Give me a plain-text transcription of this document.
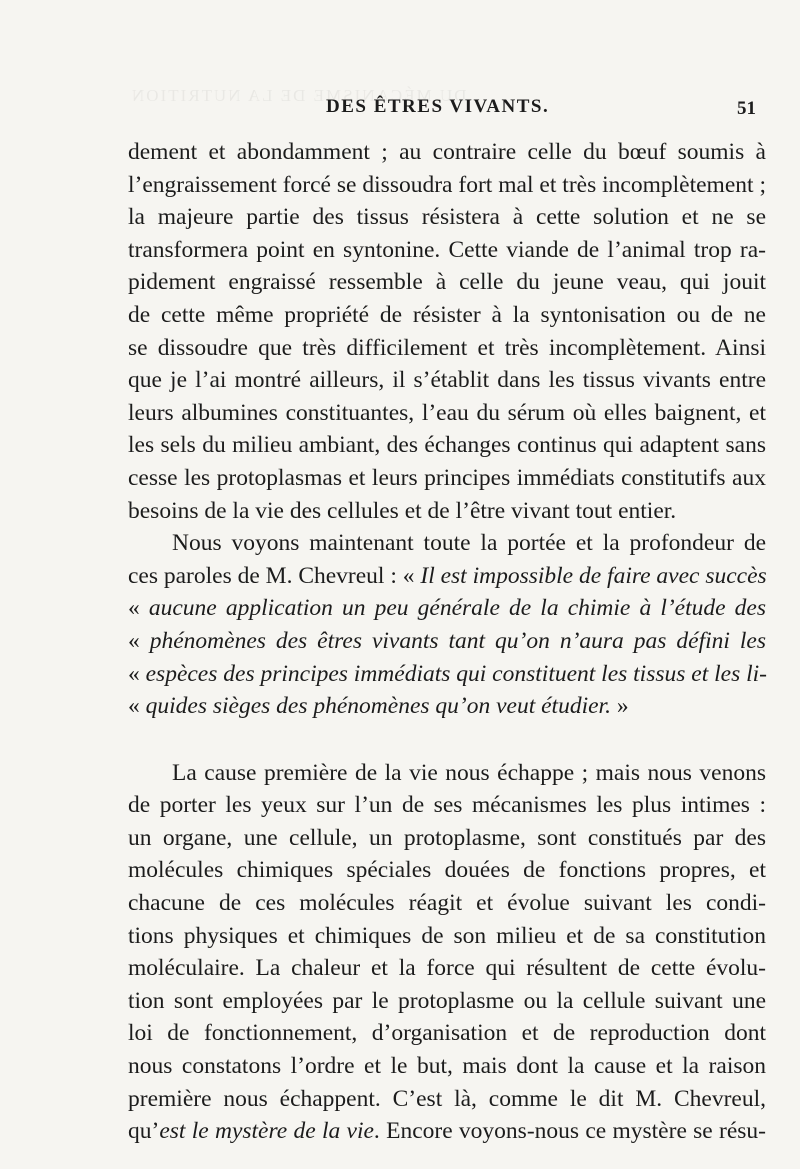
DU MÉCANISME DE LA NUTRITION
DES ÊTRES VIVANTS.	51
dement et abondamment ; au contraire celle du bœuf soumis à
l’engraissement forcé se dissoudra fort mal et très incomplètement ;
la majeure partie des tissus résistera à cette solution et ne se
transformera point en syntonine. Cette viande de l’animal trop ra-
pidement engraissé ressemble à celle du jeune veau, qui jouit
de cette même propriété de résister à la syntonisation ou de ne
se dissoudre que très difficilement et très incomplètement. Ainsi
que je l’ai montré ailleurs, il s’établit dans les tissus vivants entre
leurs albumines constituantes, l’eau du sérum où elles baignent, et
les sels du milieu ambiant, des échanges continus qui adaptent sans
cesse les protoplasmas et leurs principes immédiats constitutifs aux
besoins de la vie des cellules et de l’être vivant tout entier.
Nous voyons maintenant toute la portée et la profondeur de
ces paroles de M. Chevreul : « Il est impossible de faire avec succès
« aucune application un peu générale de la chimie à l’étude des
« phénomènes des êtres vivants tant qu’on n’aura pas défini les
« espèces des principes immédiats qui constituent les tissus et les li-
« quides sièges des phénomènes qu’on veut étudier. »
La cause première de la vie nous échappe ; mais nous venons
de porter les yeux sur l’un de ses mécanismes les plus intimes :
un organe, une cellule, un protoplasme, sont constitués par des
molécules chimiques spéciales douées de fonctions propres, et
chacune de ces molécules réagit et évolue suivant les condi-
tions physiques et chimiques de son milieu et de sa constitution
moléculaire. La chaleur et la force qui résultent de cette évolu-
tion sont employées par le protoplasme ou la cellule suivant une
loi de fonctionnement, d’organisation et de reproduction dont
nous constatons l’ordre et le but, mais dont la cause et la raison
première nous échappent. C’est là, comme le dit M. Chevreul,
qu’est le mystère de la vie. Encore voyons-nous ce mystère se résu-
